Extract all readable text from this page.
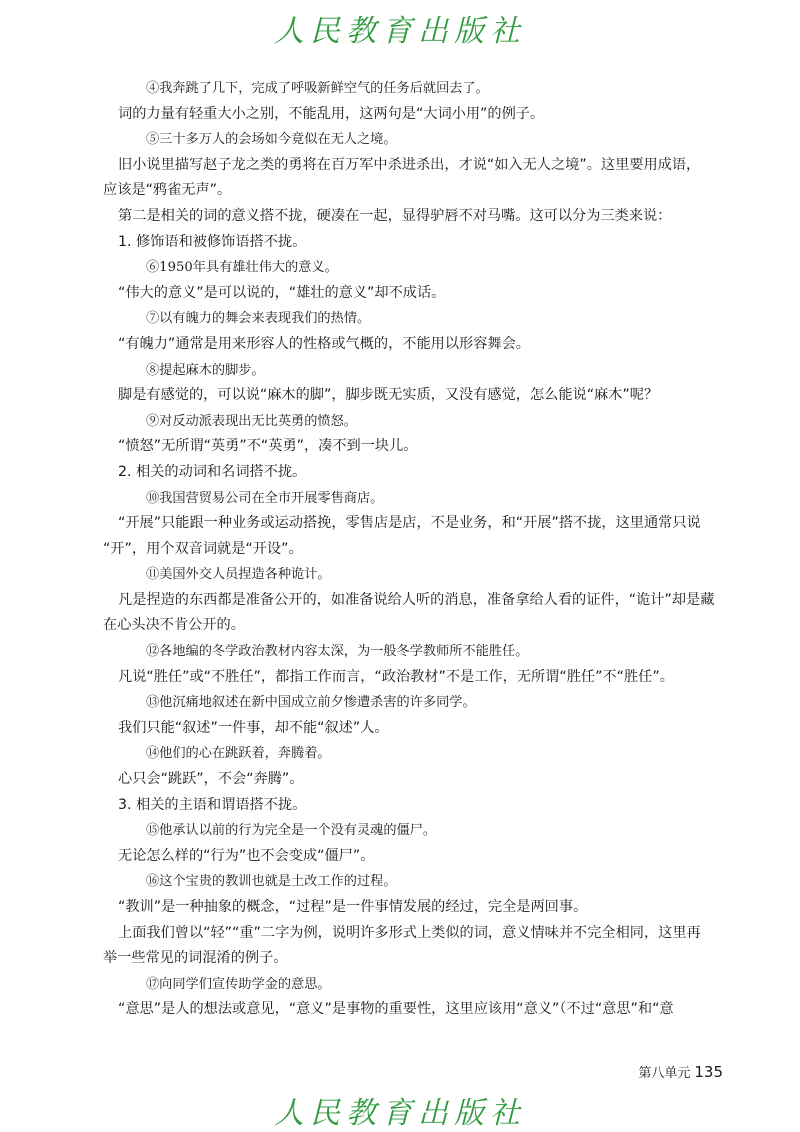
人民教育出版社
④我奔跳了几下，完成了呼吸新鲜空气的任务后就回去了。
词的力量有轻重大小之别，不能乱用，这两句是“大词小用”的例子。
⑤三十多万人的会场如今竟似在无人之境。
旧小说里描写赵子龙之类的勇将在百万军中杀进杀出，才说“如入无人之境”。这里要用成语，
应该是“鸦雀无声”。
第二是相关的词的意义搭不拢，硬凑在一起，显得驴唇不对马嘴。这可以分为三类来说：
1. 修饰语和被修饰语搭不拢。
⑥1950年具有雄壮伟大的意义。
“伟大的意义”是可以说的，“雄壮的意义”却不成话。
⑦以有魄力的舞会来表现我们的热情。
“有魄力”通常是用来形容人的性格或气概的，不能用以形容舞会。
⑧提起麻木的脚步。
脚是有感觉的，可以说“麻木的脚”，脚步既无实质，又没有感觉，怎么能说“麻木”呢？
⑨对反动派表现出无比英勇的愤怒。
“愤怒”无所谓“英勇”不“英勇”，凑不到一块儿。
2. 相关的动词和名词搭不拢。
⑩我国营贸易公司在全市开展零售商店。
“开展”只能跟一种业务或运动搭挽，零售店是店，不是业务，和“开展”搭不拢，这里通常只说
“开”，用个双音词就是“开设”。
⑪美国外交人员捏造各种诡计。
凡是捏造的东西都是准备公开的，如准备说给人听的消息，准备拿给人看的证件，“诡计”却是藏
在心头决不肯公开的。
⑫各地编的冬学政治教材内容太深，为一般冬学教师所不能胜任。
凡说“胜任”或“不胜任”，都指工作而言，“政治教材”不是工作，无所谓“胜任”不“胜任”。
⑬他沉痛地叙述在新中国成立前夕惨遭杀害的许多同学。
我们只能“叙述”一件事，却不能“叙述”人。
⑭他们的心在跳跃着，奔腾着。
心只会“跳跃”，不会“奔腾”。
3. 相关的主语和谓语搭不拢。
⑮他承认以前的行为完全是一个没有灵魂的僵尸。
无论怎么样的“行为”也不会变成“僵尸”。
⑯这个宝贵的教训也就是土改工作的过程。
“教训”是一种抽象的概念，“过程”是一件事情发展的经过，完全是两回事。
上面我们曾以“轻”“重”二字为例，说明许多形式上类似的词，意义情味并不完全相同，这里再
举一些常见的词混淆的例子。
⑰向同学们宣传助学金的意思。
“意思”是人的想法或意见，“意义”是事物的重要性，这里应该用“意义”（不过“意思”和“意
第八单元 135
人民教育出版社
